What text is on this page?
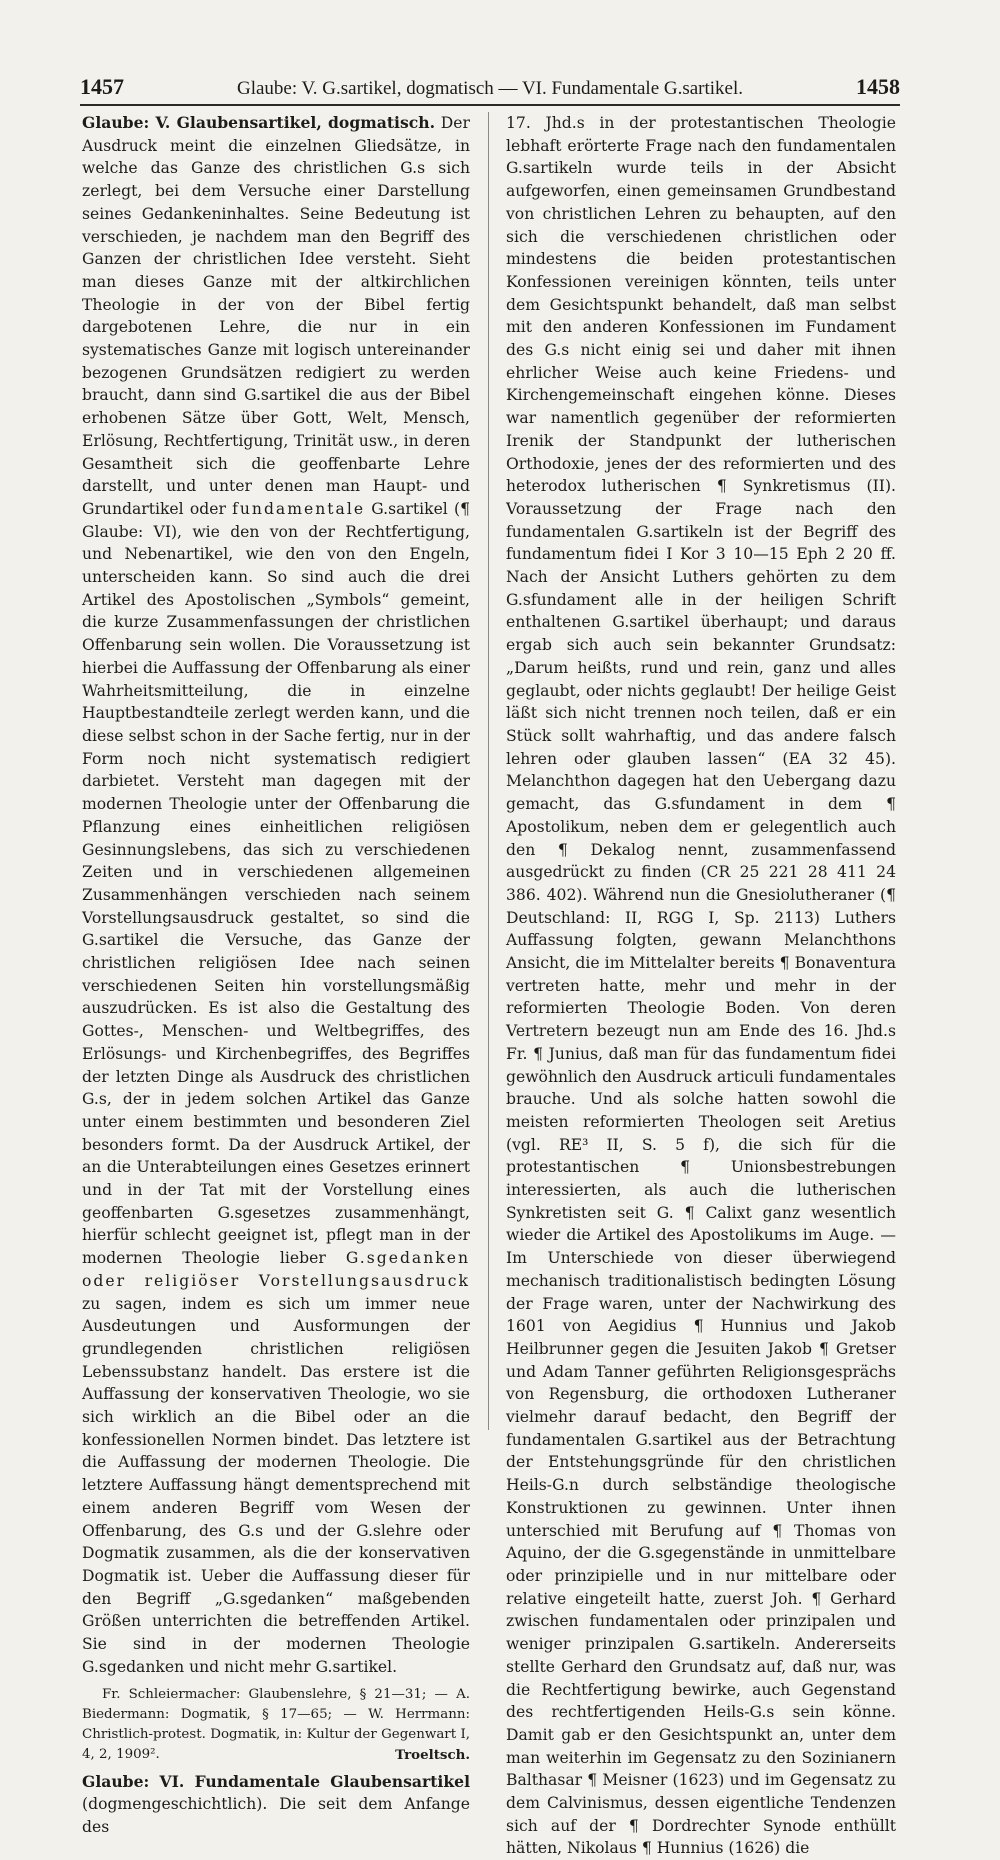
1457	Glaube: V. G.sartikel, dogmatisch — VI. Fundamentale G.sartikel.	1458

Glaube: V. Glaubensartikel, dogmatisch. Der Ausdruck meint die einzelnen Gliedsätze, in welche das Ganze des christlichen G.s sich zerlegt, bei dem Versuche einer Darstellung seines Gedankeninhaltes. Seine Bedeutung ist verschieden, je nachdem man den Begriff des Ganzen der christlichen Idee versteht. Sieht man dieses Ganze mit der altkirchlichen Theologie in der von der Bibel fertig dargebotenen Lehre, die nur in ein systematisches Ganze mit logisch untereinander bezogenen Grundsätzen redigiert zu werden braucht, dann sind G.sartikel die aus der Bibel erhobenen Sätze über Gott, Welt, Mensch, Erlösung, Rechtfertigung, Trinität usw., in deren Gesamtheit sich die geoffenbarte Lehre darstellt, und unter denen man Haupt- und Grundartikel oder fundamentale G.sartikel (¶ Glaube: VI), wie den von der Rechtfertigung, und Nebenartikel, wie den von den Engeln, unterscheiden kann. So sind auch die drei Artikel des Apostolischen „Symbols“ gemeint, die kurze Zusammenfassungen der christlichen Offenbarung sein wollen. Die Voraussetzung ist hierbei die Auffassung der Offenbarung als einer Wahrheitsmitteilung, die in einzelne Hauptbestandteile zerlegt werden kann, und die diese selbst schon in der Sache fertig, nur in der Form noch nicht systematisch redigiert darbietet. Versteht man dagegen mit der modernen Theologie unter der Offenbarung die Pflanzung eines einheitlichen religiösen Gesinnungslebens, das sich zu verschiedenen Zeiten und in verschiedenen allgemeinen Zusammenhängen verschieden nach seinem Vorstellungsausdruck gestaltet, so sind die G.sartikel die Versuche, das Ganze der christlichen religiösen Idee nach seinen verschiedenen Seiten hin vorstellungsmäßig auszudrücken. Es ist also die Gestaltung des Gottes-, Menschen- und Weltbegriffes, des Erlösungs- und Kirchenbegriffes, des Begriffes der letzten Dinge als Ausdruck des christlichen G.s, der in jedem solchen Artikel das Ganze unter einem bestimmten und besonderen Ziel besonders formt. Da der Ausdruck Artikel, der an die Unterabteilungen eines Gesetzes erinnert und in der Tat mit der Vorstellung eines geoffenbarten G.sgesetzes zusammenhängt, hierfür schlecht geeignet ist, pflegt man in der modernen Theologie lieber G.sgedanken oder religiöser Vorstellungsausdruck zu sagen, indem es sich um immer neue Ausdeutungen und Ausformungen der grundlegenden christlichen religiösen Lebenssubstanz handelt. Das erstere ist die Auffassung der konservativen Theologie, wo sie sich wirklich an die Bibel oder an die konfessionellen Normen bindet. Das letztere ist die Auffassung der modernen Theologie. Die letztere Auffassung hängt dementsprechend mit einem anderen Begriff vom Wesen der Offenbarung, des G.s und der G.slehre oder Dogmatik zusammen, als die der konservativen Dogmatik ist. Ueber die Auffassung dieser für den Begriff „G.sgedanken“ maßgebenden Größen unterrichten die betreffenden Artikel. Sie sind in der modernen Theologie G.sgedanken und nicht mehr G.sartikel.

Fr. Schleiermacher: Glaubenslehre, § 21—31; — A. Biedermann: Dogmatik, § 17—65; — W. Herrmann: Christlich-protest. Dogmatik, in: Kultur der Gegenwart I, 4, 2, 1909².	Troeltsch.

Glaube: VI. Fundamentale Glaubensartikel (dogmengeschichtlich). Die seit dem Anfange des

17. Jhd.s in der protestantischen Theologie lebhaft erörterte Frage nach den fundamentalen G.sartikeln wurde teils in der Absicht aufgeworfen, einen gemeinsamen Grundbestand von christlichen Lehren zu behaupten, auf den sich die verschiedenen christlichen oder mindestens die beiden protestantischen Konfessionen vereinigen könnten, teils unter dem Gesichtspunkt behandelt, daß man selbst mit den anderen Konfessionen im Fundament des G.s nicht einig sei und daher mit ihnen ehrlicher Weise auch keine Friedens- und Kirchengemeinschaft eingehen könne. Dieses war namentlich gegenüber der reformierten Irenik der Standpunkt der lutherischen Orthodoxie, jenes der des reformierten und des heterodox lutherischen ¶ Synkretismus (II). Voraussetzung der Frage nach den fundamentalen G.sartikeln ist der Begriff des fundamentum fidei I Kor 3 10—15 Eph 2 20 ff. Nach der Ansicht Luthers gehörten zu dem G.sfundament alle in der heiligen Schrift enthaltenen G.sartikel überhaupt; und daraus ergab sich auch sein bekannter Grundsatz: „Darum heißts, rund und rein, ganz und alles geglaubt, oder nichts geglaubt! Der heilige Geist läßt sich nicht trennen noch teilen, daß er ein Stück sollt wahrhaftig, und das andere falsch lehren oder glauben lassen“ (EA 32 45). Melanchthon dagegen hat den Uebergang dazu gemacht, das G.sfundament in dem ¶ Apostolikum, neben dem er gelegentlich auch den ¶ Dekalog nennt, zusammenfassend ausgedrückt zu finden (CR 25 221 28 411 24 386. 402). Während nun die Gnesiolutheraner (¶ Deutschland: II, RGG I, Sp. 2113) Luthers Auffassung folgten, gewann Melanchthons Ansicht, die im Mittelalter bereits ¶ Bonaventura vertreten hatte, mehr und mehr in der reformierten Theologie Boden. Von deren Vertretern bezeugt nun am Ende des 16. Jhd.s Fr. ¶ Junius, daß man für das fundamentum fidei gewöhnlich den Ausdruck articuli fundamentales brauche. Und als solche hatten sowohl die meisten reformierten Theologen seit Aretius (vgl. RE³ II, S. 5 f), die sich für die protestantischen ¶ Unionsbestrebungen interessierten, als auch die lutherischen Synkretisten seit G. ¶ Calixt ganz wesentlich wieder die Artikel des Apostolikums im Auge. — Im Unterschiede von dieser überwiegend mechanisch traditionalistisch bedingten Lösung der Frage waren, unter der Nachwirkung des 1601 von Aegidius ¶ Hunnius und Jakob Heilbrunner gegen die Jesuiten Jakob ¶ Gretser und Adam Tanner geführten Religionsgesprächs von Regensburg, die orthodoxen Lutheraner vielmehr darauf bedacht, den Begriff der fundamentalen G.sartikel aus der Betrachtung der Entstehungsgründe für den christlichen Heils-G.n durch selbständige theologische Konstruktionen zu gewinnen. Unter ihnen unterschied mit Berufung auf ¶ Thomas von Aquino, der die G.sgegenstände in unmittelbare oder prinzipielle und in nur mittelbare oder relative eingeteilt hatte, zuerst Joh. ¶ Gerhard zwischen fundamentalen oder prinzipalen und weniger prinzipalen G.sartikeln. Andererseits stellte Gerhard den Grundsatz auf, daß nur, was die Rechtfertigung bewirke, auch Gegenstand des rechtfertigenden Heils-G.s sein könne. Damit gab er den Gesichtspunkt an, unter dem man weiterhin im Gegensatz zu den Sozinianern Balthasar ¶ Meisner (1623) und im Gegensatz zu dem Calvinismus, dessen eigentliche Tendenzen sich auf der ¶ Dordrechter Synode enthüllt hätten, Nikolaus ¶ Hunnius (1626) die
